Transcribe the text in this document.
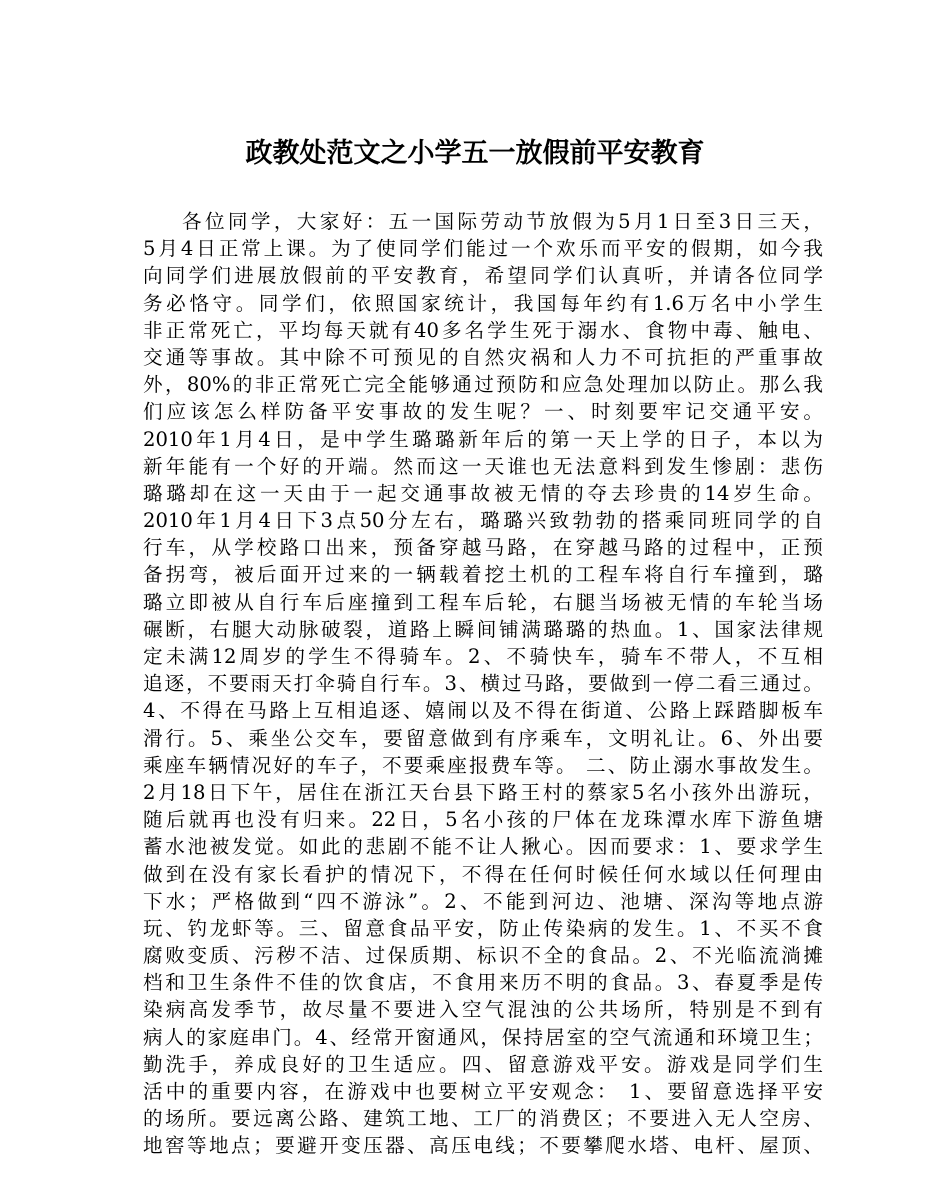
政教处范文之小学五一放假前平安教育
各位同学，大家好：五一国际劳动节放假为5月1日至3日三天，
5月4日正常上课。为了使同学们能过一个欢乐而平安的假期，如今我
向同学们进展放假前的平安教育，希望同学们认真听，并请各位同学
务必恪守。同学们，依照国家统计，我国每年约有1.6万名中小学生
非正常死亡，平均每天就有40多名学生死于溺水、食物中毒、触电、
交通等事故。其中除不可预见的自然灾祸和人力不可抗拒的严重事故
外，80%的非正常死亡完全能够通过预防和应急处理加以防止。那么我
们应该怎么样防备平安事故的发生呢？一、时刻要牢记交通平安。
2010年1月4日，是中学生璐璐新年后的第一天上学的日子，本以为
新年能有一个好的开端。然而这一天谁也无法意料到发生惨剧：悲伤
璐璐却在这一天由于一起交通事故被无情的夺去珍贵的14岁生命。
2010年1月4日下3点50分左右，璐璐兴致勃勃的搭乘同班同学的自
行车，从学校路口出来，预备穿越马路，在穿越马路的过程中，正预
备拐弯，被后面开过来的一辆载着挖土机的工程车将自行车撞到，璐
璐立即被从自行车后座撞到工程车后轮，右腿当场被无情的车轮当场
碾断，右腿大动脉破裂，道路上瞬间铺满璐璐的热血。1、国家法律规
定未满12周岁的学生不得骑车。2、不骑快车，骑车不带人，不互相
追逐，不要雨天打伞骑自行车。3、横过马路，要做到一停二看三通过。
4、不得在马路上互相追逐、嬉闹以及不得在街道、公路上踩踏脚板车
滑行。5、乘坐公交车，要留意做到有序乘车，文明礼让。6、外出要
乘座车辆情况好的车子，不要乘座报费车等。 二、防止溺水事故发生。
2月18日下午，居住在浙江天台县下路王村的蔡家5名小孩外出游玩，
随后就再也没有归来。22日，5名小孩的尸体在龙珠潭水库下游鱼塘
蓄水池被发觉。如此的悲剧不能不让人揪心。因而要求：1、要求学生
做到在没有家长看护的情况下，不得在任何时候任何水域以任何理由
下水；严格做到“四不游泳”。2、不能到河边、池塘、深沟等地点游
玩、钓龙虾等。三、留意食品平安，防止传染病的发生。1、不买不食
腐败变质、污秽不洁、过保质期、标识不全的食品。2、不光临流淌摊
档和卫生条件不佳的饮食店，不食用来历不明的食品。3、春夏季是传
染病高发季节，故尽量不要进入空气混浊的公共场所，特别是不到有
病人的家庭串门。4、经常开窗通风，保持居室的空气流通和环境卫生；
勤洗手，养成良好的卫生适应。四、留意游戏平安。游戏是同学们生
活中的重要内容，在游戏中也要树立平安观念： 1、要留意选择平安
的场所。要远离公路、建筑工地、工厂的消费区；不要进入无人空房、
地窖等地点；要避开变压器、高压电线；不要攀爬水塔、电杆、屋顶、
